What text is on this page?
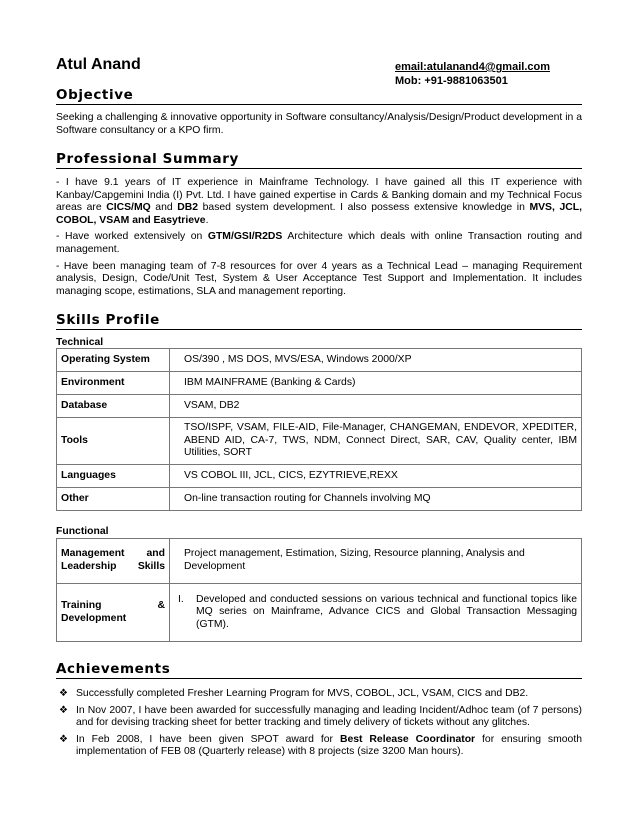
Atul Anand	email:atulanand4@gmail.com
Mob: +91-9881063501
Objective
Seeking a challenging & innovative opportunity in Software consultancy/Analysis/Design/Product development in a Software consultancy or a KPO firm.
Professional Summary

- I have 9.1 years of IT experience in Mainframe Technology. I have gained all this IT experience with Kanbay/Capgemini India (I) Pvt. Ltd. I have gained expertise in Cards & Banking domain and my Technical Focus areas are CICS/MQ and DB2 based system development. I also possess extensive knowledge in MVS, JCL, COBOL, VSAM and Easytrieve.

- Have worked extensively on GTM/GSI/R2DS Architecture which deals with online Transaction routing and management.

- Have been managing team of 7-8 resources for over 4 years as a Technical Lead – managing Requirement analysis, Design, Code/Unit Test, System & User Acceptance Test Support and Implementation. It includes managing scope, estimations, SLA and management reporting.

Skills Profile
Technical
Operating System	OS/390 , MS DOS, MVS/ESA, Windows 2000/XP
Environment	IBM MAINFRAME (Banking & Cards)
Database	VSAM, DB2
Tools	TSO/ISPF, VSAM, FILE-AID, File-Manager, CHANGEMAN, ENDEVOR, XPEDITER, ABEND AID, CA-7, TWS, NDM, Connect Direct, SAR, CAV, Quality center, IBM Utilities, SORT
Languages	VS COBOL III, JCL, CICS, EZYTRIEVE,REXX
Other	On-line transaction routing for Channels involving MQ
Functional
Management and Leadership Skills	Project management, Estimation, Sizing, Resource planning, Analysis and Development
Training & Development	I. Developed and conducted sessions on various technical and functional topics like MQ series on Mainframe, Advance CICS and Global Transaction Messaging (GTM).
Achievements
❖ Successfully completed Fresher Learning Program for MVS, COBOL, JCL, VSAM, CICS and DB2.
❖ In Nov 2007, I have been awarded for successfully managing and leading Incident/Adhoc team (of 7 persons) and for devising tracking sheet for better tracking and timely delivery of tickets without any glitches.
❖ In Feb 2008, I have been given SPOT award for Best Release Coordinator for ensuring smooth implementation of FEB 08 (Quarterly release) with 8 projects (size 3200 Man hours).
